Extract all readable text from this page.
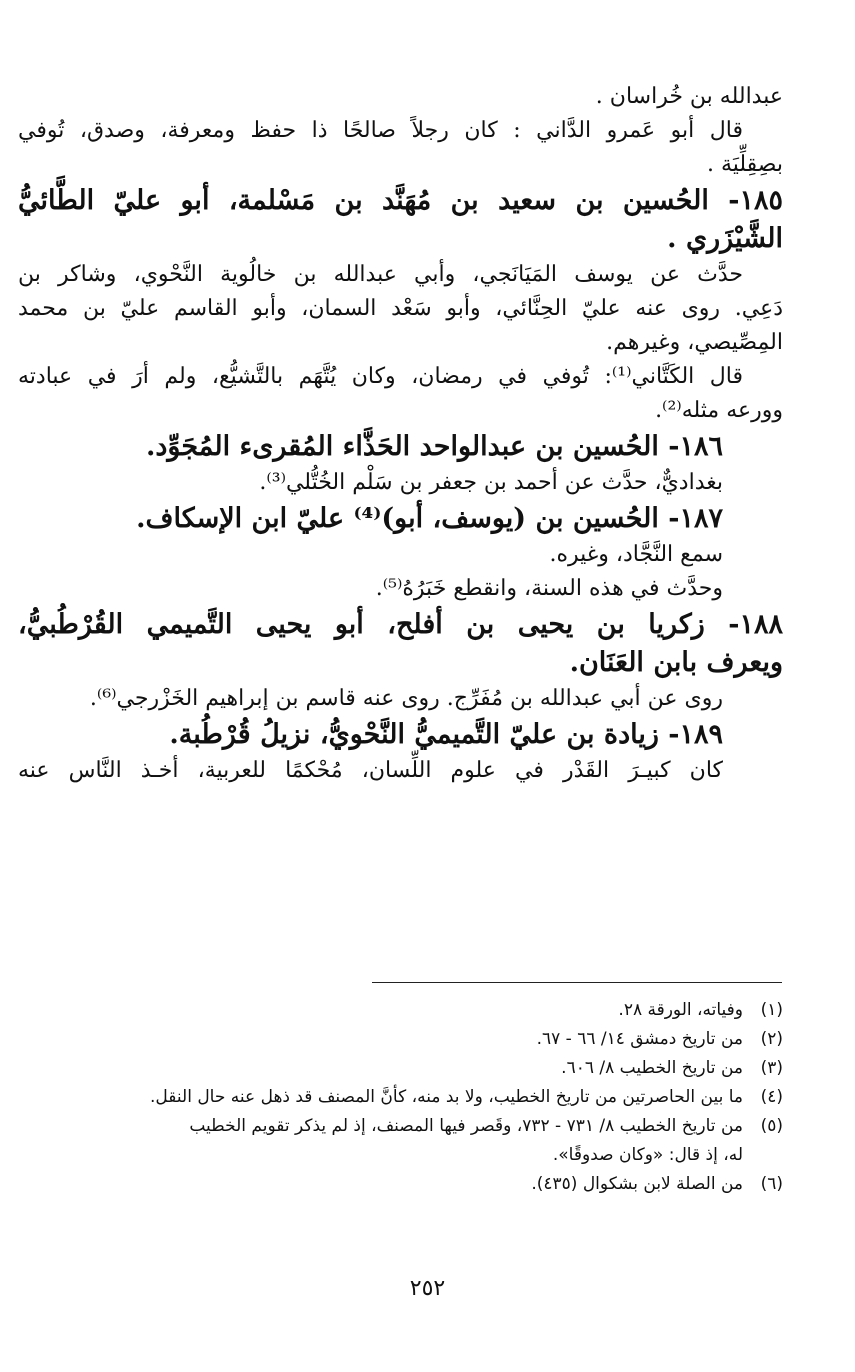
عبدالله بن خُراسان .
قال أبو عَمرو الدَّاني : كان رجلاً صالحًا ذا حفظ ومعرفة، وصدق، تُوفي
بصِقِلِّيَة .
١٨٥- الحُسين بن سعيد بن مُهَنَّد بن مَسْلمة، أبو عليّ الطَّائيُّ
الشَّيْزَري .
حدَّث عن يوسف المَيَانَجي، وأبي عبدالله بن خالُوية النَّحْوي، وشاكر بن
دَعِي. روى عنه عليّ الحِنَّائي، وأبو سَعْد السمان، وأبو القاسم عليّ بن محمد
المِصِّيصي، وغيرهم.
قال الكَتَّاني⁽¹⁾: تُوفي في رمضان، وكان يُتَّهَم بالتَّشيُّع، ولم أرَ في عبادته
وورعه مثله⁽²⁾.
١٨٦- الحُسين بن عبدالواحد الحَذَّاء المُقرىء المُجَوِّد.
بغداديٌّ، حدَّث عن أحمد بن جعفر بن سَلْم الخُتُّلي⁽³⁾.
١٨٧- الحُسين بن (يوسف، أبو)⁽⁴⁾ عليّ ابن الإسكاف.
سمع النَّجَّاد، وغيره.
وحدَّث في هذه السنة، وانقطع خَبَرُهُ⁽⁵⁾.
١٨٨- زكريا بن يحيى بن أفلح، أبو يحيى التَّميمي القُرْطُبيُّ،
ويعرف بابن العَنَان.
روى عن أبي عبدالله بن مُفَرِّج. روى عنه قاسم بن إبراهيم الخَزْرجي⁽⁶⁾.
١٨٩- زيادة بن عليّ التَّميميُّ النَّحْويُّ، نزيلُ قُرْطُبة.
كان كبيـرَ القَدْر في علوم اللِّسان، مُحْكمًا للعربية، أخـذ النَّاس عنه
(١)
وفياته، الورقة ٢٨.
(٢)
من تاريخ دمشق ١٤/ ٦٦ - ٦٧.
(٣)
من تاريخ الخطيب ٨/ ٦٠٦.
(٤)
ما بين الحاصرتين من تاريخ الخطيب، ولا بد منه، كأنَّ المصنف قد ذهل عنه حال النقل.
(٥)
من تاريخ الخطيب ٨/ ٧٣١ - ٧٣٢، وقَصر فيها المصنف، إذ لم يذكر تقويم الخطيب
له، إذ قال: «وكان صدوقًا».
(٦)
من الصلة لابن بشكوال (٤٣٥).
٢٥٢
